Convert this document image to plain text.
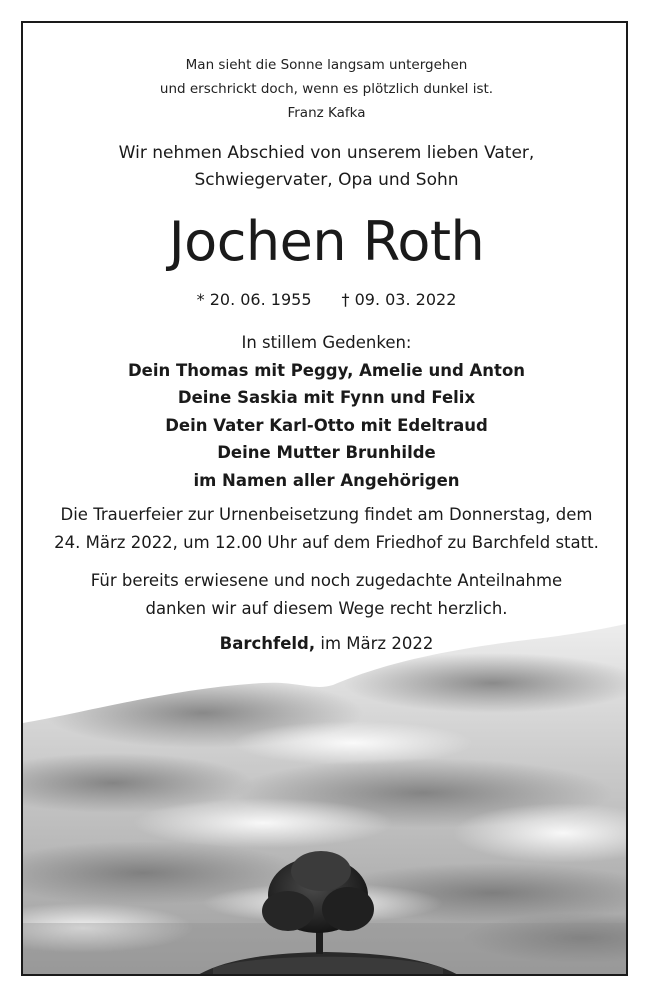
Man sieht die Sonne langsam untergehen
und erschrickt doch, wenn es plötzlich dunkel ist.
Franz Kafka
Wir nehmen Abschied von unserem lieben Vater,
Schwiegervater, Opa und Sohn
Jochen Roth
* 20. 06. 1955 † 09. 03. 2022
In stillem Gedenken:
Dein Thomas mit Peggy, Amelie und Anton
Deine Saskia mit Fynn und Felix
Dein Vater Karl-Otto mit Edeltraud
Deine Mutter Brunhilde
im Namen aller Angehörigen
Die Trauerfeier zur Urnenbeisetzung findet am Donnerstag, dem
24. März 2022, um 12.00 Uhr auf dem Friedhof zu Barchfeld statt.
Für bereits erwiesene und noch zugedachte Anteilnahme
danken wir auf diesem Wege recht herzlich.
Barchfeld, im März 2022
